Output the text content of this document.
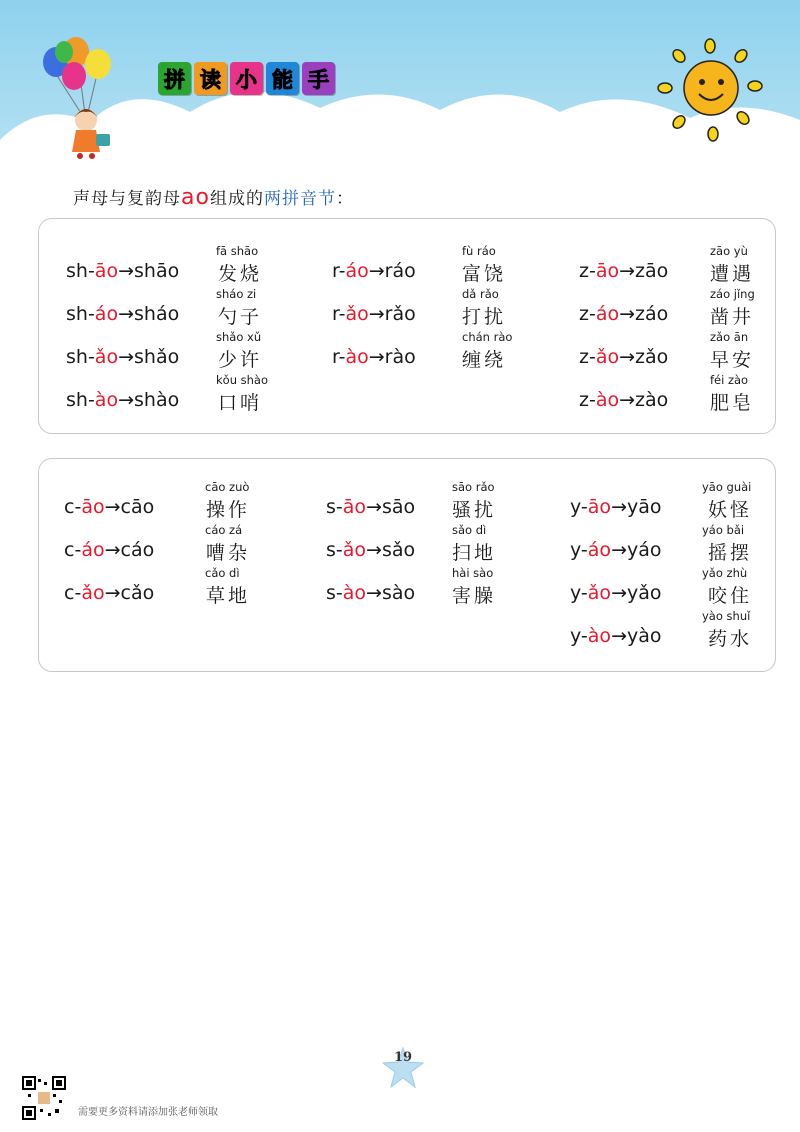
拼 读 小 能 手
声母与复韵母ao组成的两拼音节：
sh-āo→shāo
fā shāo
发烧
sh-áo→sháo
sháo zi
勺子
sh-ǎo→shǎo
shǎo xǔ
少许
sh-ào→shào
kǒu shào
口哨
r-áo→ráo
fù ráo
富饶
r-ǎo→rǎo
dǎ rǎo
打扰
r-ào→rào
chán rào
缠绕
z-āo→zāo
zāo yù
遭遇
z-áo→záo
záo jǐng
凿井
z-ǎo→zǎo
zǎo ān
早安
z-ào→zào
féi zào
肥皂
c-āo→cāo
cāo zuò
操作
c-áo→cáo
cáo zá
嘈杂
c-ǎo→cǎo
cǎo dì
草地
s-āo→sāo
sāo rǎo
骚扰
s-ǎo→sǎo
sǎo dì
扫地
s-ào→sào
hài sào
害臊
y-āo→yāo
yāo guài
妖怪
y-áo→yáo
yáo bǎi
摇摆
y-ǎo→yǎo
yǎo zhù
咬住
y-ào→yào
yào shuǐ
药水
19
需要更多资料请添加张老师领取
